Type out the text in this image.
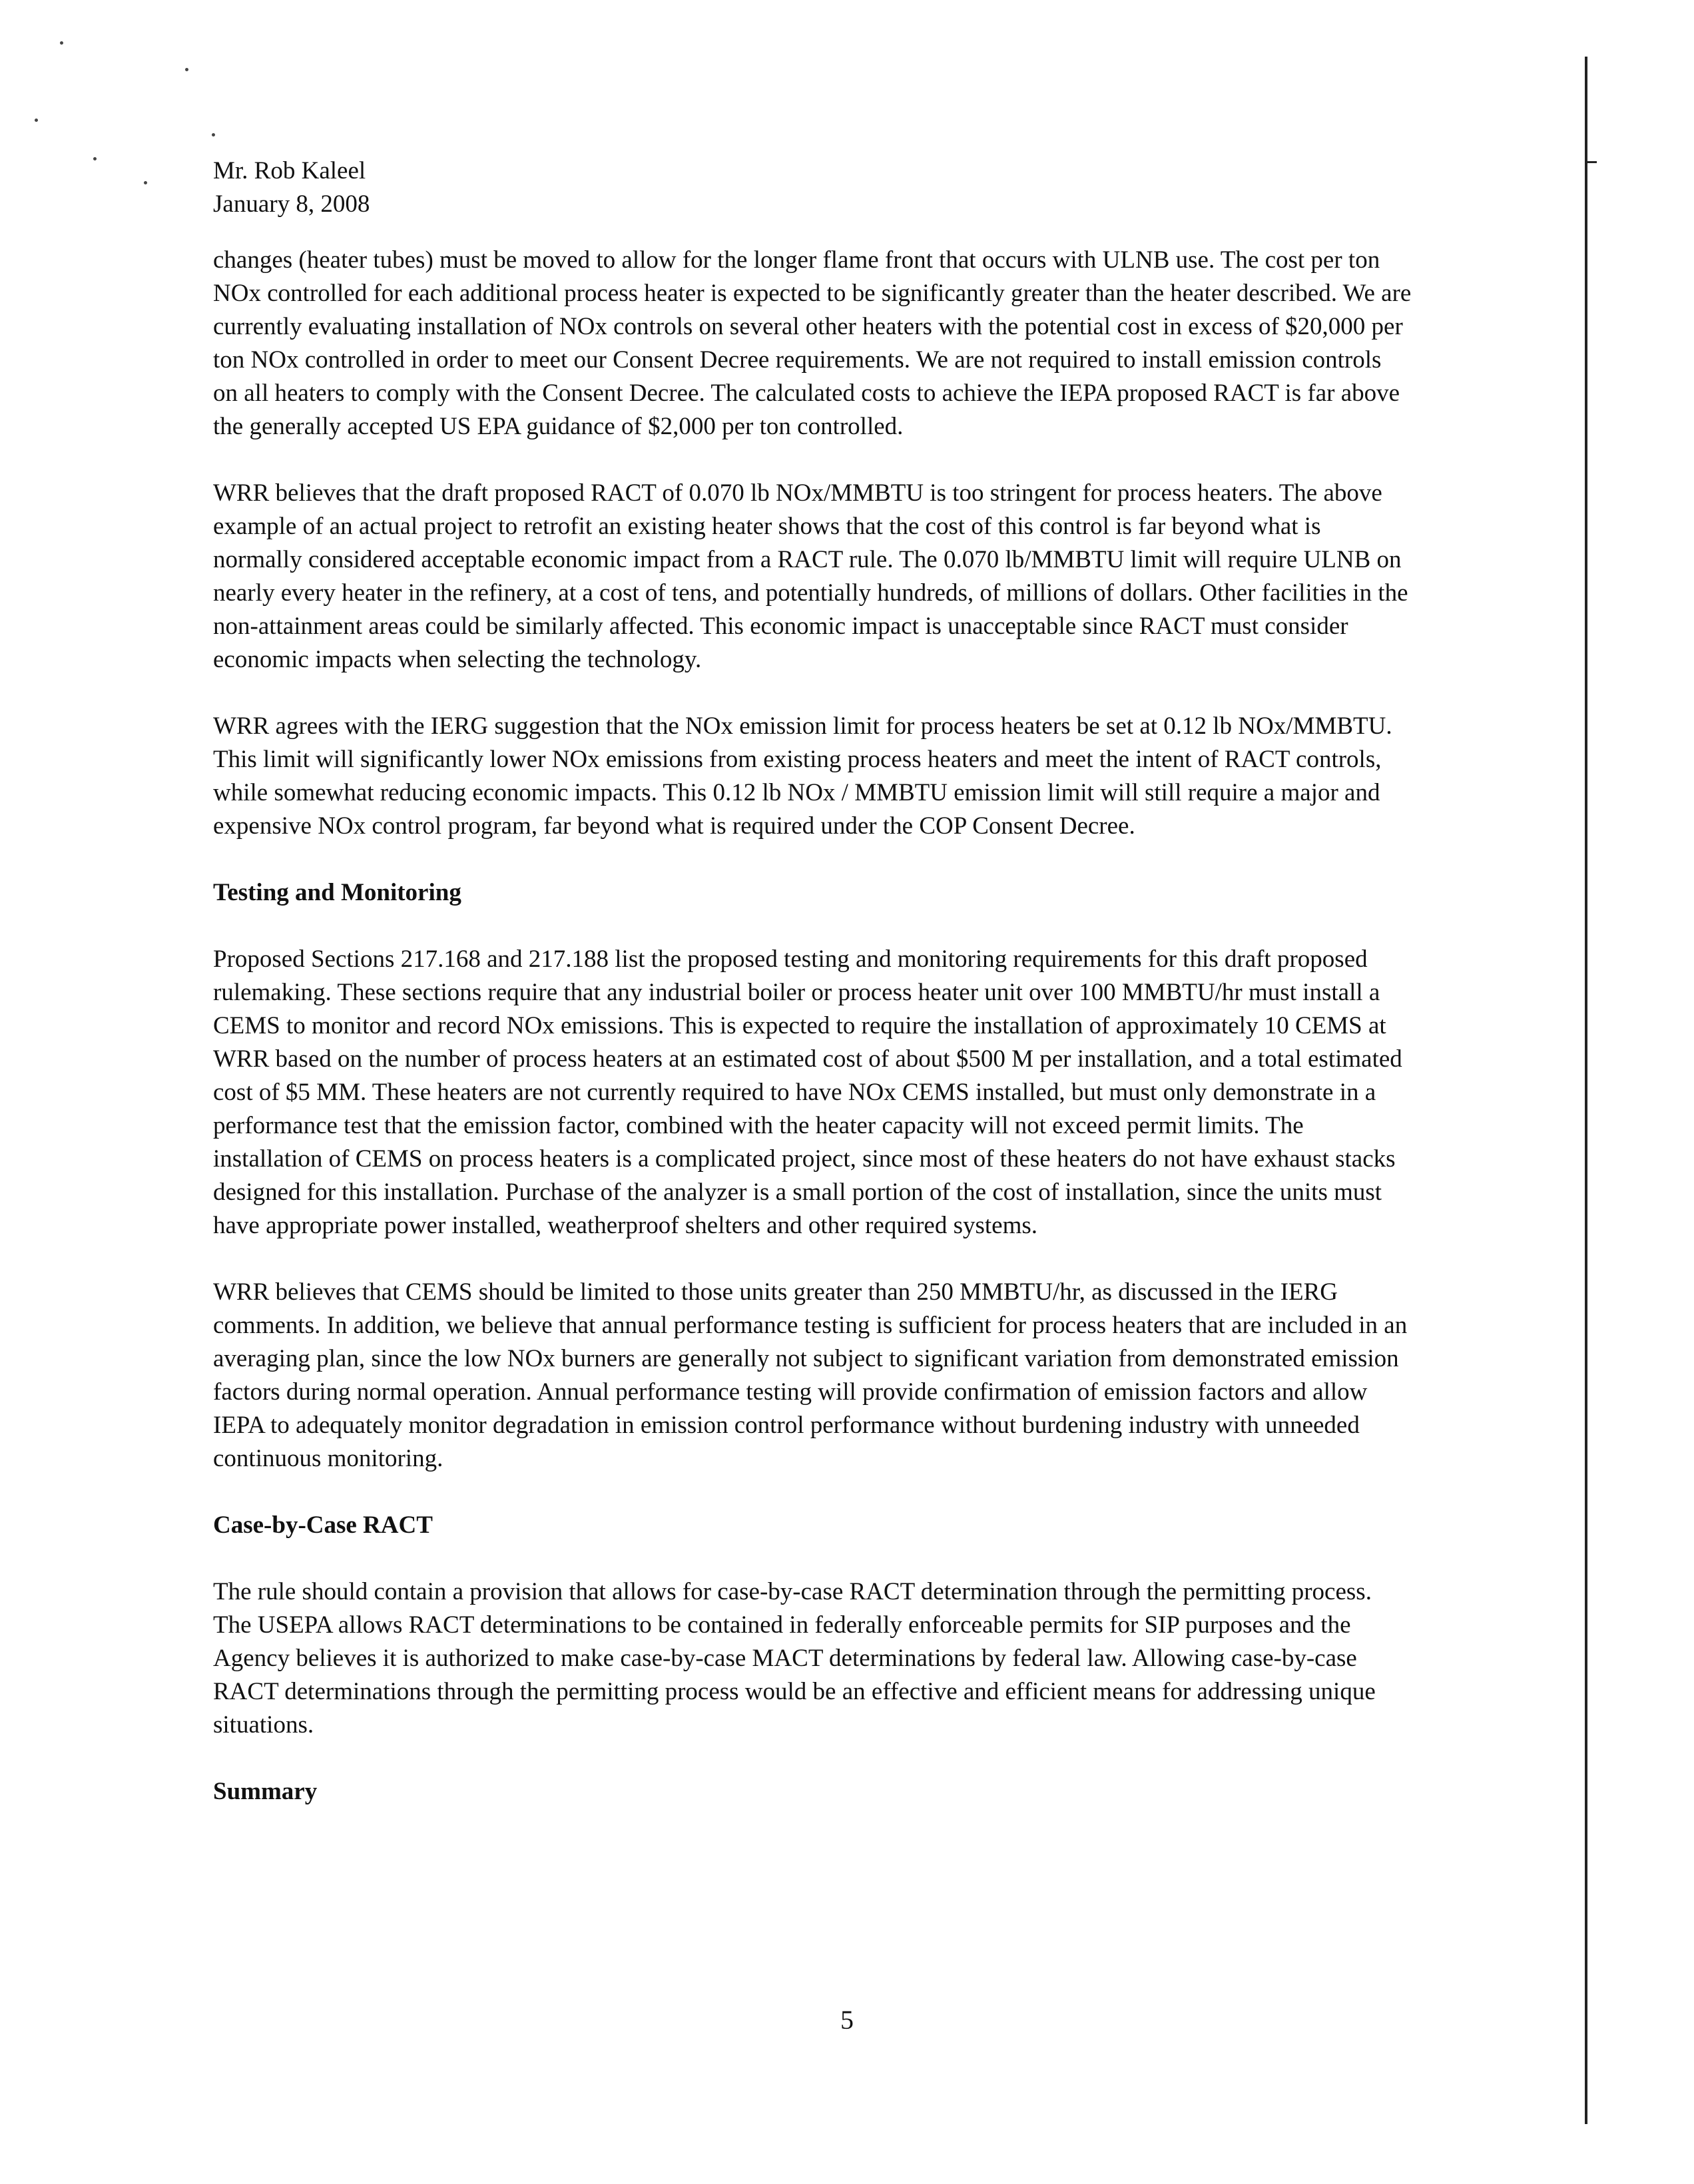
Mr. Rob Kaleel

January 8, 2008

changes (heater tubes) must be moved to allow for the longer flame front that occurs with ULNB use. The cost per ton NOx controlled for each additional process heater is expected to be significantly greater than the heater described. We are currently evaluating installation of NOx controls on several other heaters with the potential cost in excess of $20,000 per ton NOx controlled in order to meet our Consent Decree requirements. We are not required to install emission controls on all heaters to comply with the Consent Decree. The calculated costs to achieve the IEPA proposed RACT is far above the generally accepted US EPA guidance of $2,000 per ton controlled.

WRR believes that the draft proposed RACT of 0.070 lb NOx/MMBTU is too stringent for process heaters. The above example of an actual project to retrofit an existing heater shows that the cost of this control is far beyond what is normally considered acceptable economic impact from a RACT rule. The 0.070 lb/MMBTU limit will require ULNB on nearly every heater in the refinery, at a cost of tens, and potentially hundreds, of millions of dollars. Other facilities in the non-attainment areas could be similarly affected. This economic impact is unacceptable since RACT must consider economic impacts when selecting the technology.

WRR agrees with the IERG suggestion that the NOx emission limit for process heaters be set at 0.12 lb NOx/MMBTU. This limit will significantly lower NOx emissions from existing process heaters and meet the intent of RACT controls, while somewhat reducing economic impacts. This 0.12 lb NOx / MMBTU emission limit will still require a major and expensive NOx control program, far beyond what is required under the COP Consent Decree.

Testing and Monitoring

Proposed Sections 217.168 and 217.188 list the proposed testing and monitoring requirements for this draft proposed rulemaking. These sections require that any industrial boiler or process heater unit over 100 MMBTU/hr must install a CEMS to monitor and record NOx emissions. This is expected to require the installation of approximately 10 CEMS at WRR based on the number of process heaters at an estimated cost of about $500 M per installation, and a total estimated cost of $5 MM. These heaters are not currently required to have NOx CEMS installed, but must only demonstrate in a performance test that the emission factor, combined with the heater capacity will not exceed permit limits. The installation of CEMS on process heaters is a complicated project, since most of these heaters do not have exhaust stacks designed for this installation. Purchase of the analyzer is a small portion of the cost of installation, since the units must have appropriate power installed, weatherproof shelters and other required systems.

WRR believes that CEMS should be limited to those units greater than 250 MMBTU/hr, as discussed in the IERG comments. In addition, we believe that annual performance testing is sufficient for process heaters that are included in an averaging plan, since the low NOx burners are generally not subject to significant variation from demonstrated emission factors during normal operation. Annual performance testing will provide confirmation of emission factors and allow IEPA to adequately monitor degradation in emission control performance without burdening industry with unneeded continuous monitoring.

Case-by-Case RACT

The rule should contain a provision that allows for case-by-case RACT determination through the permitting process. The USEPA allows RACT determinations to be contained in federally enforceable permits for SIP purposes and the Agency believes it is authorized to make case-by-case MACT determinations by federal law. Allowing case-by-case RACT determinations through the permitting process would be an effective and efficient means for addressing unique situations.

Summary
5
